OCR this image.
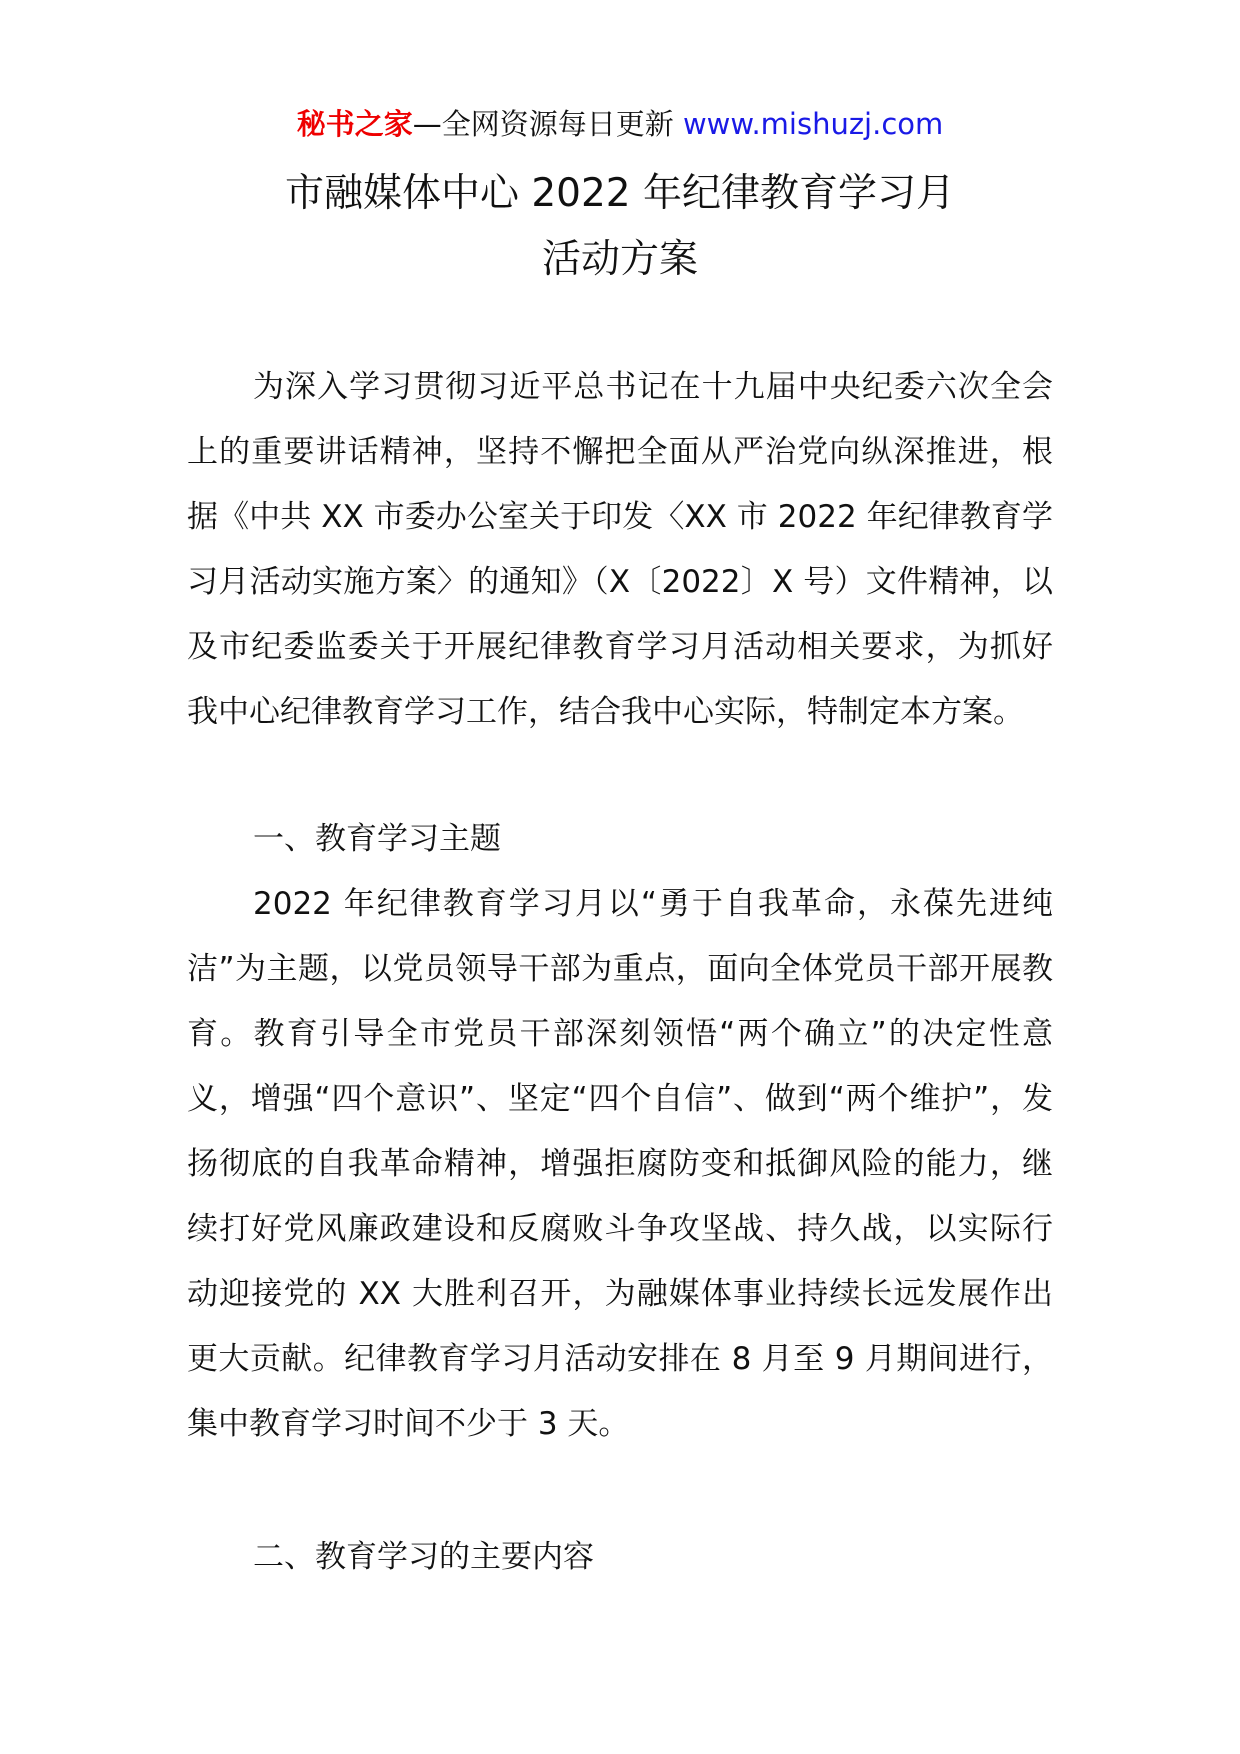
秘书之家—全网资源每日更新 www.mishuzj.com
市融媒体中心 2022 年纪律教育学习月
活动方案

为深入学习贯彻习近平总书记在十九届中央纪委六次全会上的重要讲话精神，坚持不懈把全面从严治党向纵深推进，根据《中共 XX 市委办公室关于印发〈XX 市 2022 年纪律教育学习月活动实施方案〉的通知》（X〔2022〕X 号）文件精神，以及市纪委监委关于开展纪律教育学习月活动相关要求，为抓好我中心纪律教育学习工作，结合我中心实际，特制定本方案。

一、教育学习主题

2022 年纪律教育学习月以“勇于自我革命，永葆先进纯洁”为主题，以党员领导干部为重点，面向全体党员干部开展教育。教育引导全市党员干部深刻领悟“两个确立”的决定性意义，增强“四个意识”、坚定“四个自信”、做到“两个维护”，发扬彻底的自我革命精神，增强拒腐防变和抵御风险的能力，继续打好党风廉政建设和反腐败斗争攻坚战、持久战，以实际行动迎接党的 XX 大胜利召开，为融媒体事业持续长远发展作出更大贡献。纪律教育学习月活动安排在 8 月至 9 月期间进行，集中教育学习时间不少于 3 天。

二、教育学习的主要内容
